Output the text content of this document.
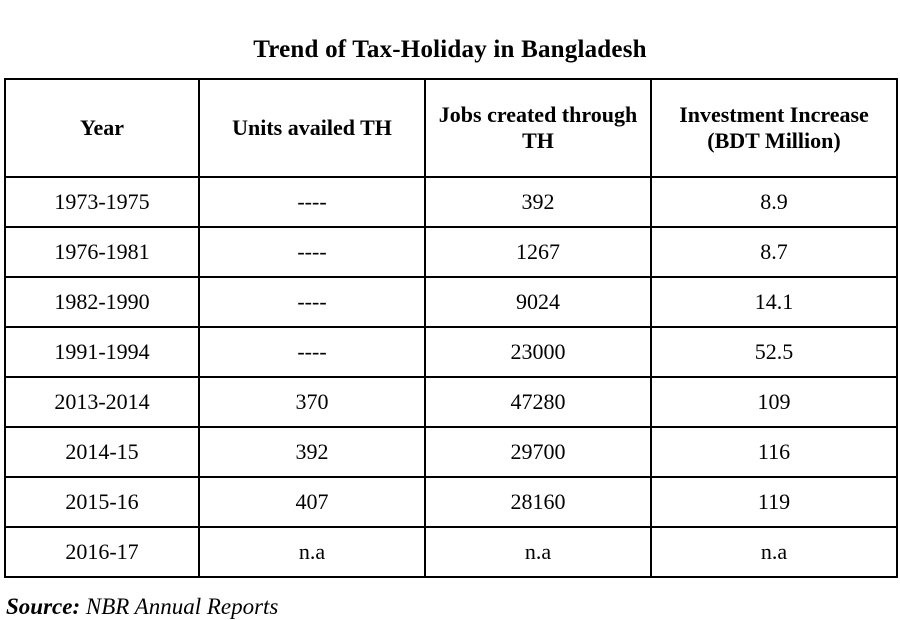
Trend of Tax-Holiday in Bangladesh
Year	Units availed TH	Jobs created through TH	Investment Increase (BDT Million)
1973-1975	----	392	8.9
1976-1981	----	1267	8.7
1982-1990	----	9024	14.1
1991-1994	----	23000	52.5
2013-2014	370	47280	109
2014-15	392	29700	116
2015-16	407	28160	119
2016-17	n.a	n.a	n.a
Source: NBR Annual Reports
